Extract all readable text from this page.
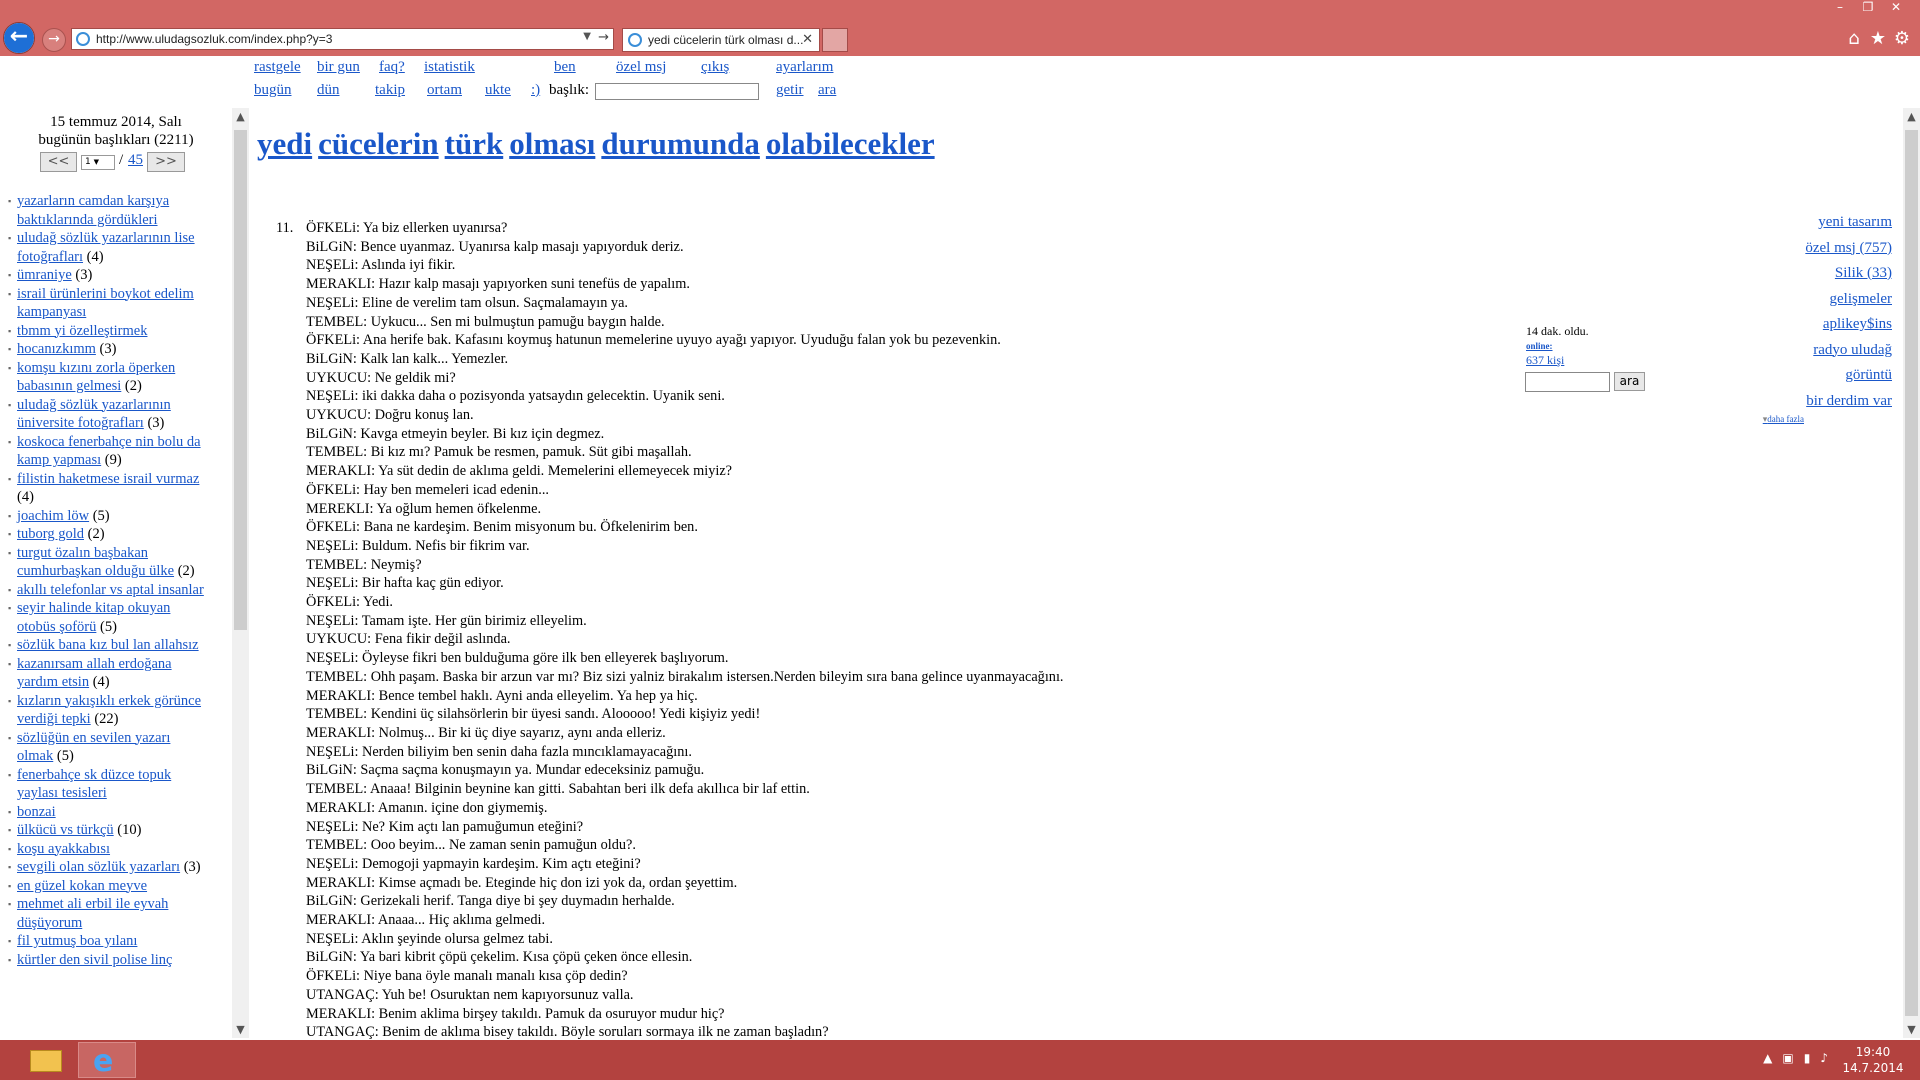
←	→	http://www.uludagsozluk.com/index.php?y=3	▼ →	yedi cücelerin türk olması d...
✕
– ❐ ✕
⌂ ★ ⚙
rastgele bir gun faq? istatistik	ben	özel msj çıkış	ayarlarım
bugün dün takip ortam ukte :) başlık:	getir ara
15 temmuz 2014, Salı
bugünün başlıkları (2211)
<<	1 ▼	/ 45 >>
▪ yazarların camdan karşıya baktıklarında gördükleri
▪ uludağ sözlük yazarlarının lise fotoğrafları (4)
▪ ümraniye (3)
▪ israil ürünlerini boykot edelim kampanyası
▪ tbmm yi özelleştirmek
▪ hocanızkımm (3)
▪ komşu kızını zorla öperken babasının gelmesi (2)
▪ uludağ sözlük yazarlarının üniversite fotoğrafları (3)
▪ koskoca fenerbahçe nin bolu da kamp yapması (9)
▪ filistin haketmese israil vurmaz (4)
▪ joachim löw (5)
▪ tuborg gold (2)
▪ turgut özalın başbakan cumhurbaşkan olduğu ülke (2)
▪ akıllı telefonlar vs aptal insanlar
▪ seyir halinde kitap okuyan otobüs şoförü (5)
▪ sözlük bana kız bul lan allahsız
▪ kazanırsam allah erdoğana yardım etsin (4)
▪ kızların yakışıklı erkek görünce verdiği tepki (22)
▪ sözlüğün en sevilen yazarı olmak (5)
▪ fenerbahçe sk düzce topuk yaylası tesisleri
▪ bonzai
▪ ülkücü vs türkçü (10)
▪ koşu ayakkabısı
▪ sevgili olan sözlük yazarları (3)
▪ en güzel kokan meyve
▪ mehmet ali erbil ile eyvah düşüyorum
▪ fil yutmuş boa yılanı
▪ kürtler den sivil polise linç
▲
▼
yedi cücelerin türk olması durumunda olabilecekler
11. ÖFKELi: Ya biz ellerken uyanırsa?
BiLGiN: Bence uyanmaz. Uyanırsa kalp masajı yapıyorduk deriz.
NEŞELi: Aslında iyi fikir.
MERAKLI: Hazır kalp masajı yapıyorken suni tenefüs de yapalım.
NEŞELi: Eline de verelim tam olsun. Saçmalamayın ya.
TEMBEL: Uykucu... Sen mi bulmuştun pamuğu baygın halde.
ÖFKELi: Ana herife bak. Kafasını koymuş hatunun memelerine uyuyo ayağı yapıyor. Uyuduğu falan yok bu pezevenkin.
BiLGiN: Kalk lan kalk... Yemezler.
UYKUCU: Ne geldik mi?
NEŞELi: iki dakka daha o pozisyonda yatsaydın gelecektin. Uyanik seni.
UYKUCU: Doğru konuş lan.
BiLGiN: Kavga etmeyin beyler. Bi kız için degmez.
TEMBEL: Bi kız mı? Pamuk be resmen, pamuk. Süt gibi maşallah.
MERAKLI: Ya süt dedin de aklıma geldi. Memelerini ellemeyecek miyiz?
ÖFKELi: Hay ben memeleri icad edenin...
MEREKLI: Ya oğlum hemen öfkelenme.
ÖFKELi: Bana ne kardeşim. Benim misyonum bu. Öfkelenirim ben.
NEŞELi: Buldum. Nefis bir fikrim var.
TEMBEL: Neymiş?
NEŞELi: Bir hafta kaç gün ediyor.
ÖFKELi: Yedi.
NEŞELi: Tamam işte. Her gün birimiz elleyelim.
UYKUCU: Fena fikir değil aslında.
NEŞELi: Öyleyse fikri ben bulduğuma göre ilk ben elleyerek başlıyorum.
TEMBEL: Ohh paşam. Baska bir arzun var mı? Biz sizi yalniz birakalım istersen.Nerden bileyim sıra bana gelince uyanmayacağını.
MERAKLI: Bence tembel haklı. Ayni anda elleyelim. Ya hep ya hiç.
TEMBEL: Kendini üç silahsörlerin bir üyesi sandı. Alooooo! Yedi kişiyiz yedi!
MERAKLI: Nolmuş... Bir ki üç diye sayarız, aynı anda elleriz.
NEŞELi: Nerden biliyim ben senin daha fazla mıncıklamayacağını.
BiLGiN: Saçma saçma konuşmayın ya. Mundar edeceksiniz pamuğu.
TEMBEL: Anaaa! Bilginin beynine kan gitti. Sabahtan beri ilk defa akıllıca bir laf ettin.
MERAKLI: Amanın. içine don giymemiş.
NEŞELi: Ne? Kim açtı lan pamuğumun eteğini?
TEMBEL: Ooo beyim... Ne zaman senin pamuğun oldu?.
NEŞELi: Demogoji yapmayin kardeşim. Kim açtı eteğini?
MERAKLI: Kimse açmadı be. Eteginde hiç don izi yok da, ordan şeyettim.
BiLGiN: Gerizekali herif. Tanga diye bi şey duymadın herhalde.
MERAKLI: Anaaa... Hiç aklıma gelmedi.
NEŞELi: Aklın şeyinde olursa gelmez tabi.
BiLGiN: Ya bari kibrit çöpü çekelim. Kısa çöpü çeken önce ellesin.
ÖFKELi: Niye bana öyle manalı manalı kısa çöp dedin?
UTANGAÇ: Yuh be! Osuruktan nem kapıyorsunuz valla.
MERAKLI: Benim aklima birşey takıldı. Pamuk da osuruyor mudur hiç?
UTANGAÇ: Benim de aklıma bisey takıldı. Böyle soruları sormaya ilk ne zaman başladın?
yeni tasarım
özel msj (757)
Silik (33)
gelişmeler
aplikey$ins
radyo uludağ
görüntü
bir derdim var
▾daha fazla
▲
▼
14 dak. oldu.
online:
637 kişi
ara
e	▲ ▣ ▮ ♪	19:40
14.7.2014
